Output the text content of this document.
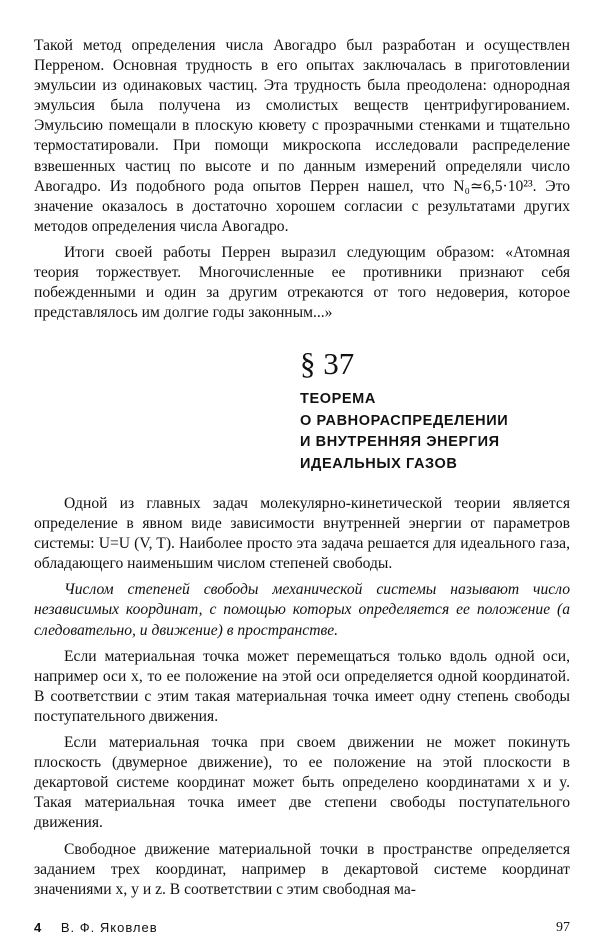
Такой метод определения числа Авогадро был разработан и осуществлен Перреном. Основная трудность в его опытах заключалась в приготовлении эмульсии из одинаковых частиц. Эта трудность была преодолена: однородная эмульсия была получена из смолистых веществ центрифугированием. Эмульсию помещали в плоскую кювету с прозрачными стенками и тщательно термостатировали. При помощи микроскопа исследовали распределение взвешенных частиц по высоте и по данным измерений определяли число Авогадро. Из подобного рода опытов Перрен нашел, что N₀≃6,5·10²³. Это значение оказалось в достаточно хорошем согласии с результатами других методов определения числа Авогадро.

Итоги своей работы Перрен выразил следующим образом: «Атомная теория торжествует. Многочисленные ее противники признают себя побежденными и один за другим отрекаются от того недоверия, которое представлялось им долгие годы законным...»

§ 37
ТЕОРЕМА
О РАВНОРАСПРЕДЕЛЕНИИ
И ВНУТРЕННЯЯ ЭНЕРГИЯ
ИДЕАЛЬНЫХ ГАЗОВ

Одной из главных задач молекулярно-кинетической теории является определение в явном виде зависимости внутренней энергии от параметров системы: U=U (V, T). Наиболее просто эта задача решается для идеального газа, обладающего наименьшим числом степеней свободы.

Числом степеней свободы механической системы называют число независимых координат, с помощью которых определяется ее положение (а следовательно, и движение) в пространстве.

Если материальная точка может перемещаться только вдоль одной оси, например оси x, то ее положение на этой оси определяется одной координатой. В соответствии с этим такая материальная точка имеет одну степень свободы поступательного движения.

Если материальная точка при своем движении не может покинуть плоскость (двумерное движение), то ее положение на этой плоскости в декартовой системе координат может быть определено координатами x и y. Такая материальная точка имеет две степени свободы поступательного движения.

Свободное движение материальной точки в пространстве определяется заданием трех координат, например в декартовой системе координат значениями x, y и z. В соответствии с этим свободная ма-

4 В. Ф. Яковлев	97
